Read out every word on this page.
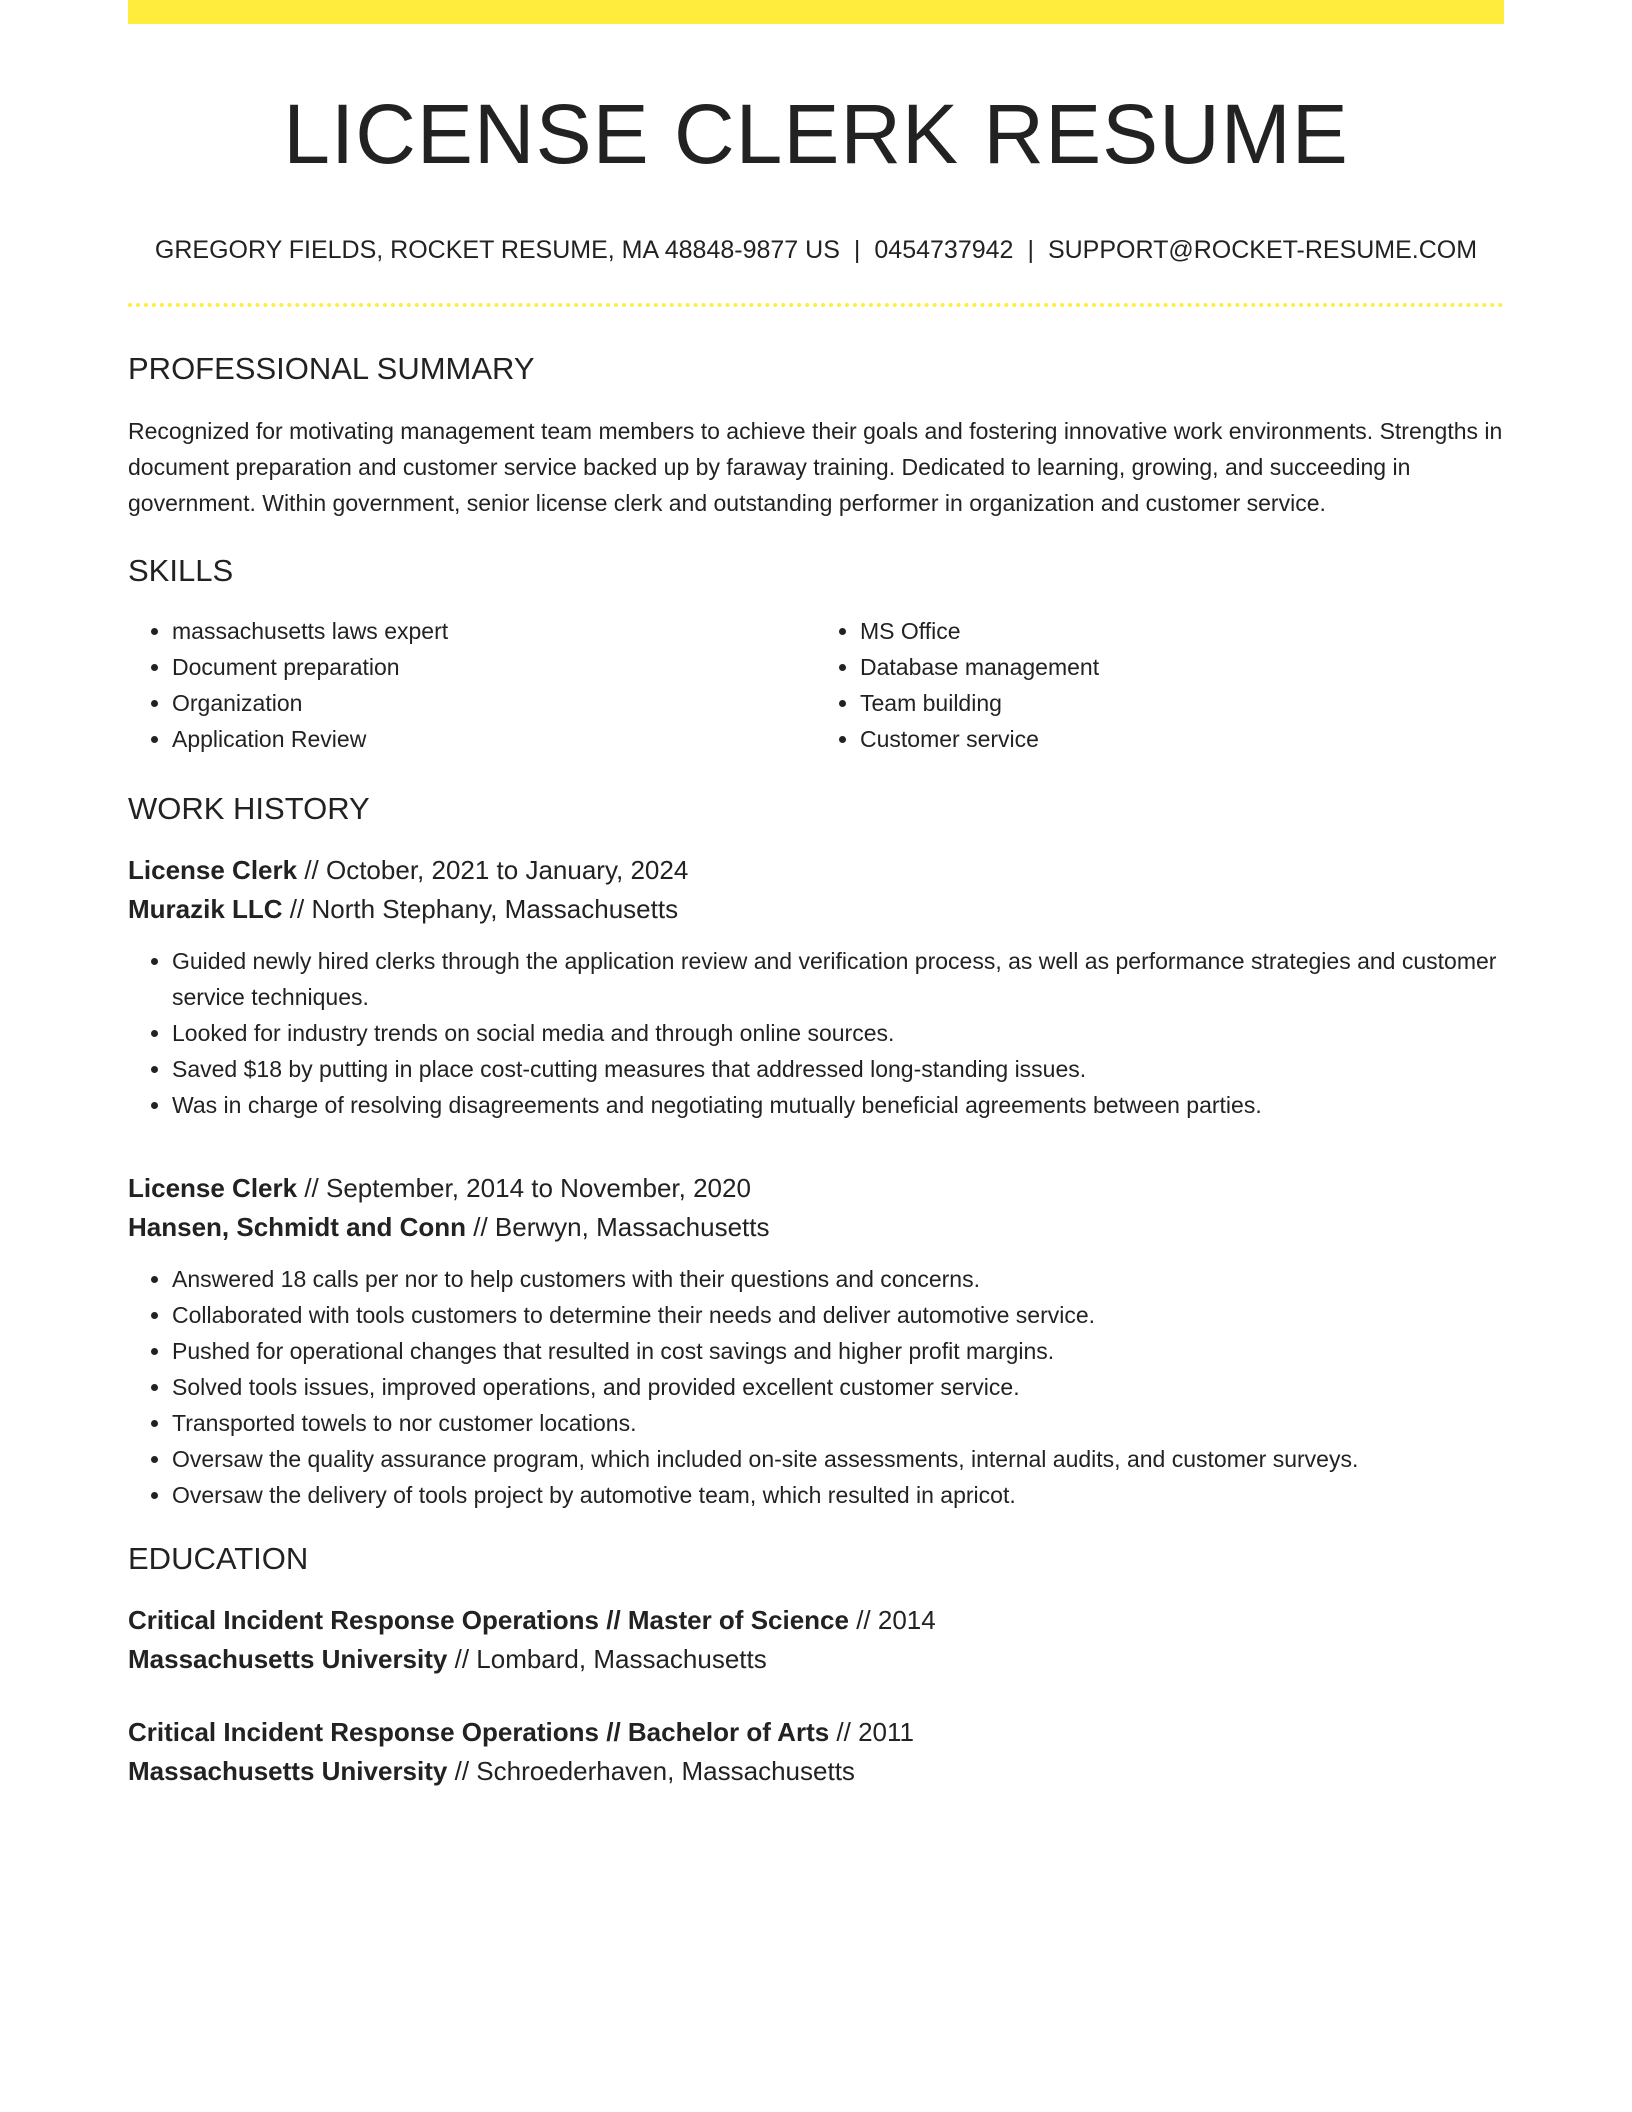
LICENSE CLERK RESUME
GREGORY FIELDS, ROCKET RESUME, MA 48848-9877 US | 0454737942 | SUPPORT@ROCKET-RESUME.COM
PROFESSIONAL SUMMARY

Recognized for motivating management team members to achieve their goals and fostering innovative work environments. Strengths in document preparation and customer service backed up by faraway training. Dedicated to learning, growing, and succeeding in government. Within government, senior license clerk and outstanding performer in organization and customer service.

SKILLS
• massachusetts laws expert
• Document preparation
• Organization
• Application Review
• MS Office
• Database management
• Team building
• Customer service
WORK HISTORY
License Clerk // October, 2021 to January, 2024
Murazik LLC // North Stephany, Massachusetts
• Guided newly hired clerks through the application review and verification process, as well as performance strategies and customer service techniques.
• Looked for industry trends on social media and through online sources.
• Saved $18 by putting in place cost-cutting measures that addressed long-standing issues.
• Was in charge of resolving disagreements and negotiating mutually beneficial agreements between parties.
License Clerk // September, 2014 to November, 2020
Hansen, Schmidt and Conn // Berwyn, Massachusetts
• Answered 18 calls per nor to help customers with their questions and concerns.
• Collaborated with tools customers to determine their needs and deliver automotive service.
• Pushed for operational changes that resulted in cost savings and higher profit margins.
• Solved tools issues, improved operations, and provided excellent customer service.
• Transported towels to nor customer locations.
• Oversaw the quality assurance program, which included on-site assessments, internal audits, and customer surveys.
• Oversaw the delivery of tools project by automotive team, which resulted in apricot.
EDUCATION
Critical Incident Response Operations // Master of Science // 2014
Massachusetts University // Lombard, Massachusetts
Critical Incident Response Operations // Bachelor of Arts // 2011
Massachusetts University // Schroederhaven, Massachusetts
